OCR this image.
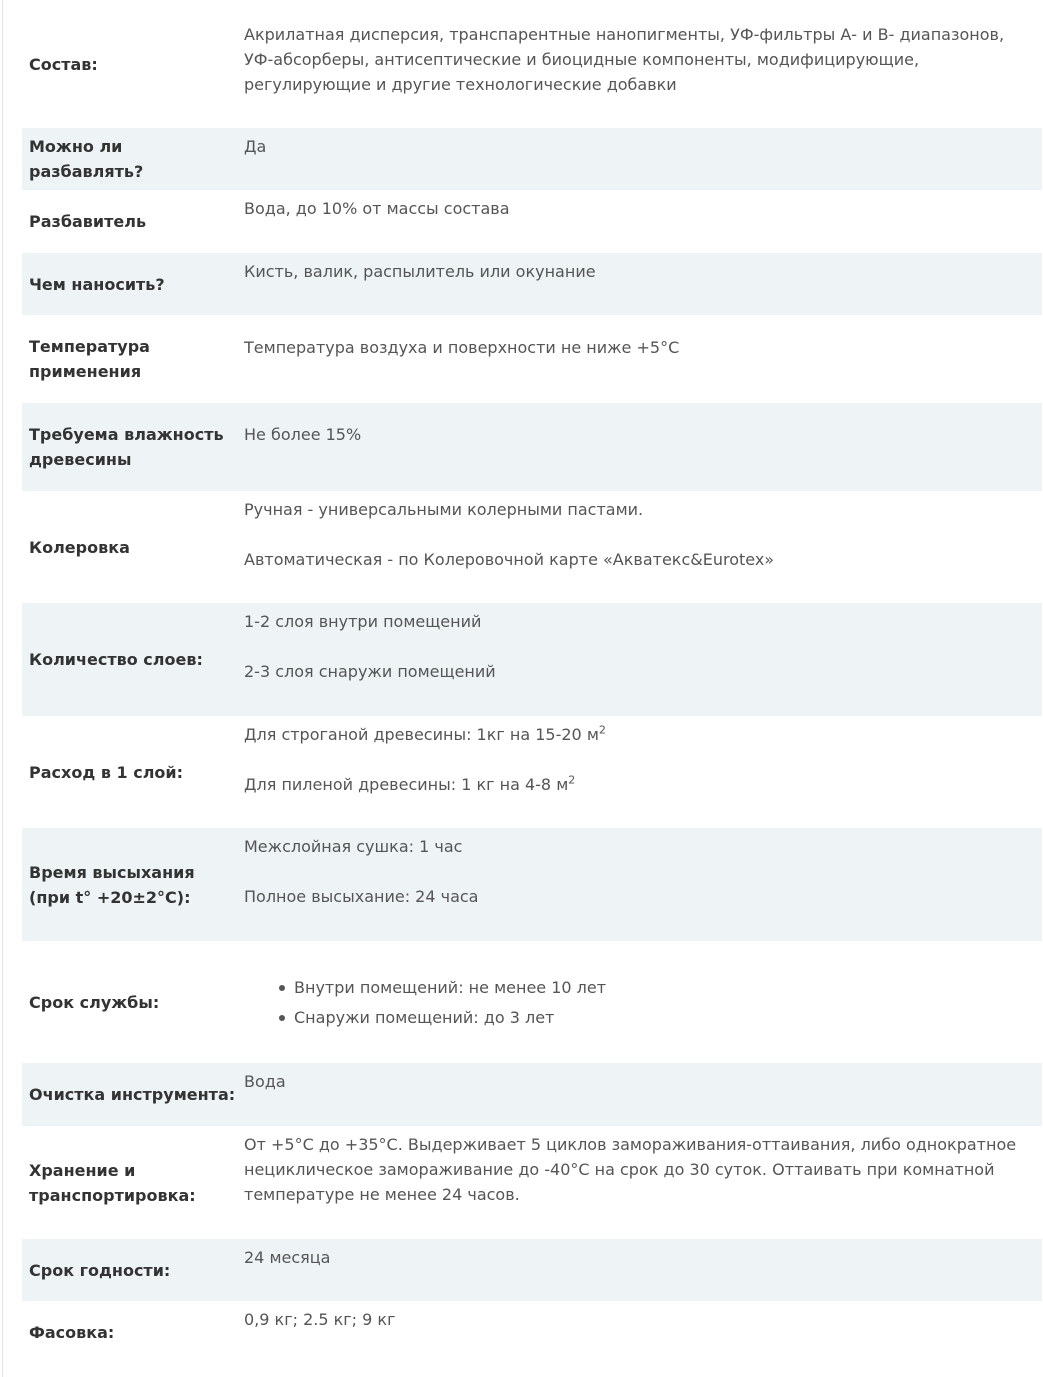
Состав:

Акрилатная дисперсия, транспарентные нанопигменты, УФ-фильтры А- и В- диапазонов, УФ-абсорберы, антисептические и биоцидные компоненты, модифицирующие, регулирующие и другие технологические добавки

Можно ли разбавлять?

Да

Разбавитель

Вода, до 10% от массы состава

Чем наносить?

Кисть, валик, распылитель или окунание

Температура применения

Температура воздуха и поверхности не ниже +5°С

Требуема влажность древесины

Не более 15%

Колеровка

Ручная - универсальными колерными пастами.

Автоматическая - по Колеровочной карте «Акватекс&Eurotex»

Количество слоев:

1-2 слоя внутри помещений

2-3 слоя снаружи помещений

Расход в 1 слой:

Для строганой древесины: 1кг на 15-20 $м^2$

Для пиленой древесины: 1 кг на 4-8 $м^2$

Время высыхания (при t° +20±2°С):

Межслойная сушка: 1 час

Полное высыхание: 24 часа

Срок службы:
Внутри помещений: не менее 10 лет
Снаружи помещений: до 3 лет
Очистка инструмента:

Вода

Хранение и транспортировка:

От +5°С до +35°С. Выдерживает 5 циклов замораживания-оттаивания, либо однократное нециклическое замораживание до -40°С на срок до 30 суток. Оттаивать при комнатной температуре не менее 24 часов.

Срок годности:

24 месяца

Фасовка:

0,9 кг; 2.5 кг; 9 кг
